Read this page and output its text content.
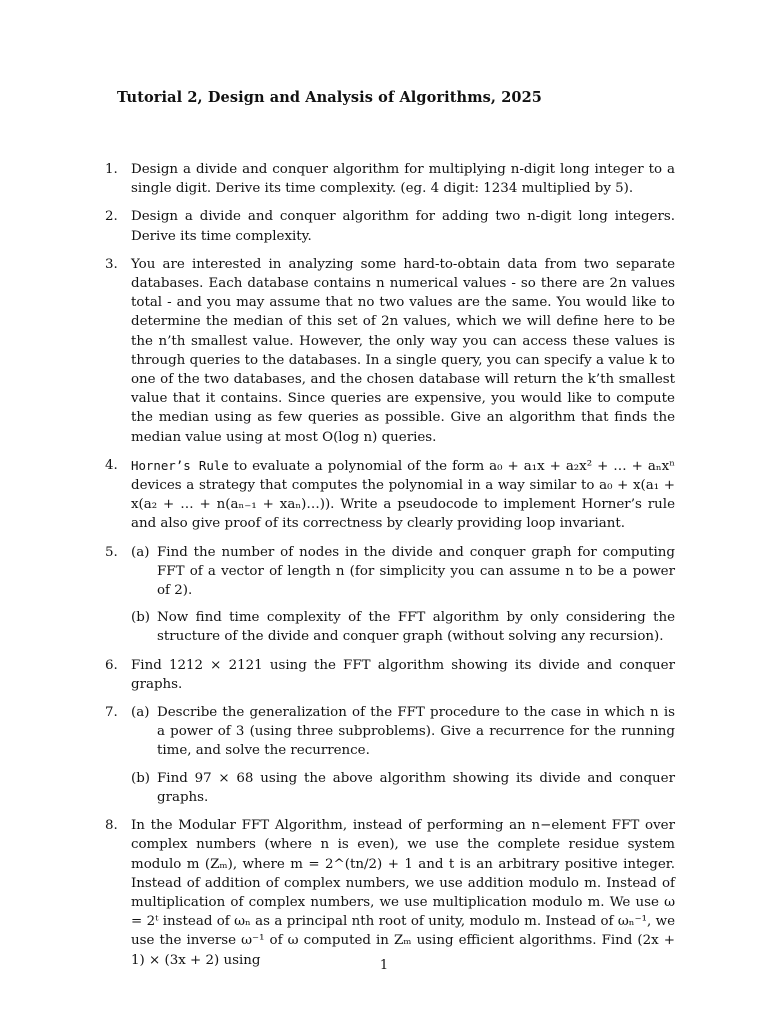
Tutorial 2, Design and Analysis of Algorithms, 2025
1. Design a divide and conquer algorithm for multiplying n-digit long integer to a single digit. Derive its time complexity. (eg. 4 digit: 1234 multiplied by 5).
2. Design a divide and conquer algorithm for adding two n-digit long integers. Derive its time complexity.
3. You are interested in analyzing some hard-to-obtain data from two separate databases. Each database contains n numerical values - so there are 2n values total - and you may assume that no two values are the same. You would like to determine the median of this set of 2n values, which we will define here to be the n’th smallest value. However, the only way you can access these values is through queries to the databases. In a single query, you can specify a value k to one of the two databases, and the chosen database will return the k’th smallest value that it contains. Since queries are expensive, you would like to compute the median using as few queries as possible. Give an algorithm that finds the median value using at most O(log n) queries.
4.	Horner’s Rule to evaluate a polynomial of the form a₀ + a₁x + a₂x² + … + aₙxⁿ devices a strategy that computes the polynomial in a way similar to a₀ + x(a₁ + x(a₂ + … + n(aₙ₋₁ + xaₙ)…)). Write a pseudocode to implement Horner’s rule and also give proof of its correctness by clearly providing loop invariant.
5. (a) Find the number of nodes in the divide and conquer graph for computing FFT of a vector of length n (for simplicity you can assume n to be a power of 2).
(b) Now find time complexity of the FFT algorithm by only considering the structure of the divide and conquer graph (without solving any recursion).
6. Find 1212 × 2121 using the FFT algorithm showing its divide and conquer graphs.
7. (a) Describe the generalization of the FFT procedure to the case in which n is a power of 3 (using three subproblems). Give a recurrence for the running time, and solve the recurrence.
(b) Find 97 × 68 using the above algorithm showing its divide and conquer graphs.
8. In the Modular FFT Algorithm, instead of performing an n−element FFT over complex numbers (where n is even), we use the complete residue system modulo m (Zₘ), where m = 2^(tn/2) + 1 and t is an arbitrary positive integer. Instead of addition of complex numbers, we use addition modulo m. Instead of multiplication of complex numbers, we use multiplication modulo m. We use ω = 2ᵗ instead of ωₙ as a principal nth root of unity, modulo m. Instead of ωₙ⁻¹, we use the inverse ω⁻¹ of ω computed in Zₘ using efficient algorithms. Find (2x + 1) × (3x + 2) using	1
